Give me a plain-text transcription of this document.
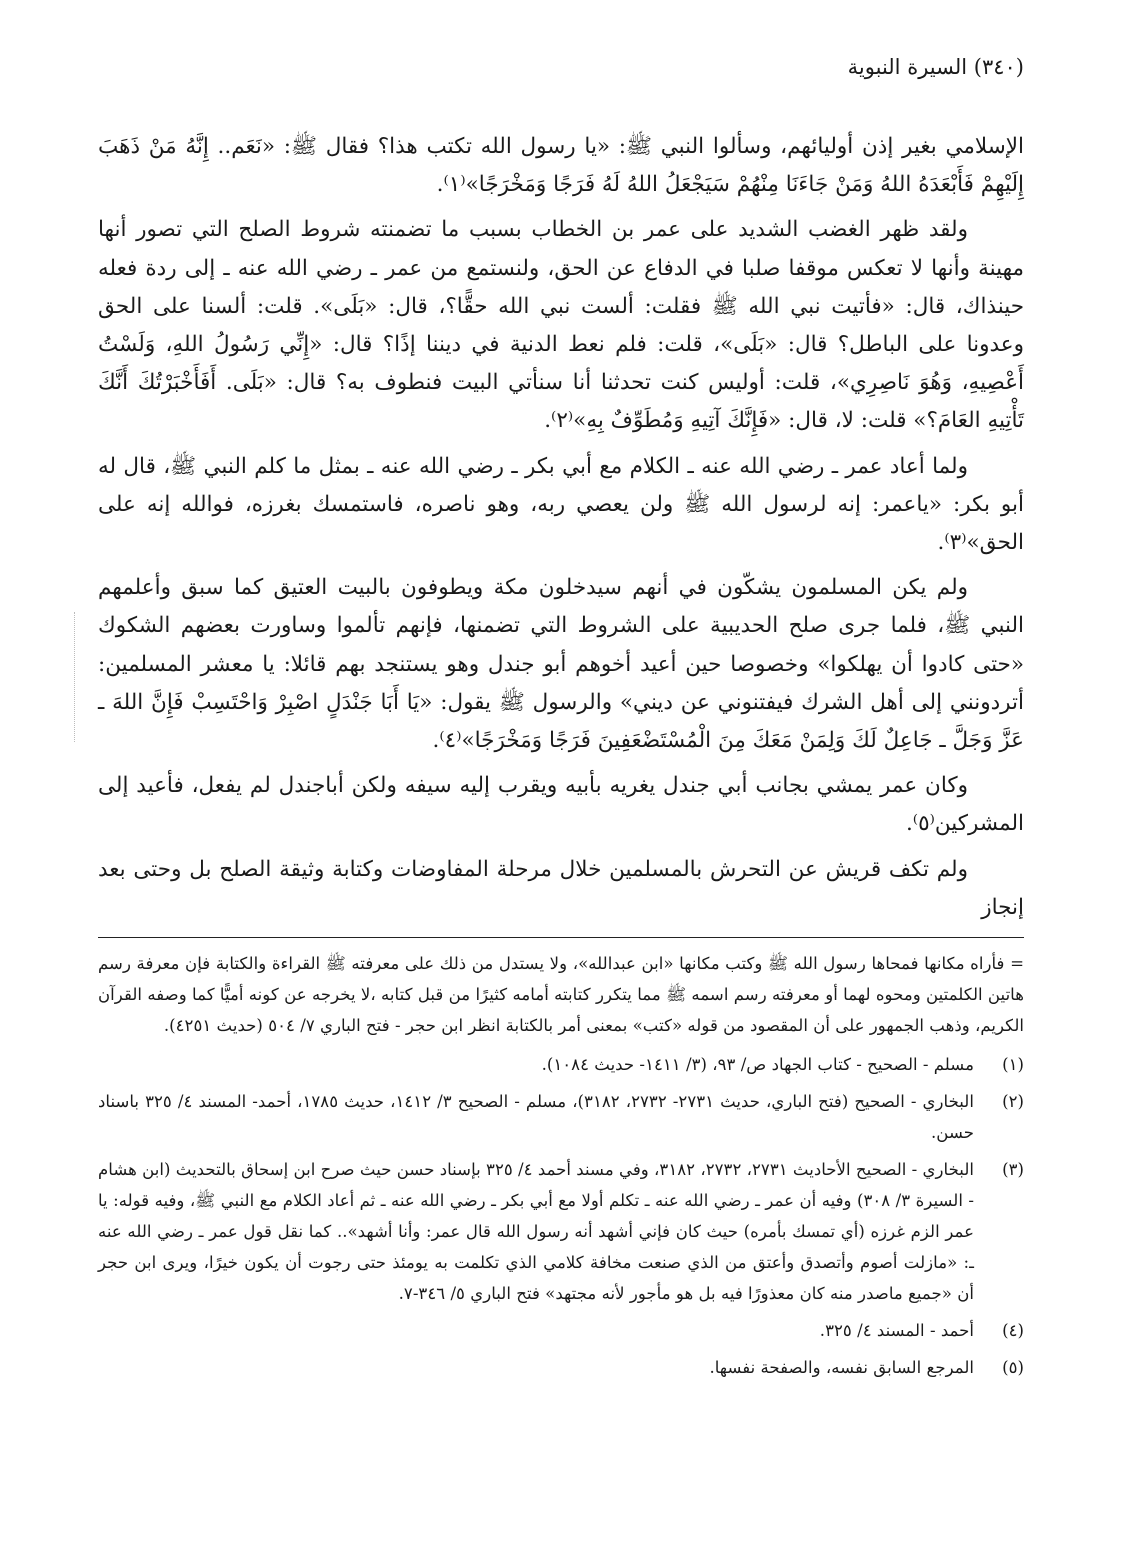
(٣٤٠) السيرة النبوية

الإسلامي بغير إذن أوليائهم، وسألوا النبي ﷺ: «يا رسول الله تكتب هذا؟ فقال ﷺ: «نَعَم.. إِنَّهُ مَنْ ذَهَبَ إِلَيْهِمْ فَأَبْعَدَهُ اللهُ وَمَنْ جَاءَنَا مِنْهُمْ سَيَجْعَلُ اللهُ لَهُ فَرَجًا وَمَخْرَجًا»⁽١⁾.

ولقد ظهر الغضب الشديد على عمر بن الخطاب بسبب ما تضمنته شروط الصلح التي تصور أنها مهينة وأنها لا تعكس موقفا صلبا في الدفاع عن الحق، ولنستمع من عمر ـ رضي الله عنه ـ إلى ردة فعله حينذاك، قال: «فأتيت نبي الله ﷺ فقلت: ألست نبي الله حقًّا؟، قال: «بَلَى». قلت: ألسنا على الحق وعدونا على الباطل؟ قال: «بَلَى»، قلت: فلم نعط الدنية في ديننا إذًا؟ قال: «إِنِّي رَسُولُ اللهِ، وَلَسْتُ أَعْصِيهِ، وَهُوَ نَاصِرِي»، قلت: أوليس كنت تحدثنا أنا سنأتي البيت فنطوف به؟ قال: «بَلَى. أَفَأَخْبَرْتُكَ أَنَّكَ تَأْتِيهِ العَامَ؟» قلت: لا، قال: «فَإِنَّكَ آتِيهِ وَمُطَوِّفٌ بِهِ»⁽٢⁾.

ولما أعاد عمر ـ رضي الله عنه ـ الكلام مع أبي بكر ـ رضي الله عنه ـ بمثل ما كلم النبي ﷺ، قال له أبو بكر: «ياعمر: إنه لرسول الله ﷺ ولن يعصي ربه، وهو ناصره، فاستمسك بغرزه، فوالله إنه على الحق»⁽٣⁾.

ولم يكن المسلمون يشكّون في أنهم سيدخلون مكة ويطوفون بالبيت العتيق كما سبق وأعلمهم النبي ﷺ، فلما جرى صلح الحديبية على الشروط التي تضمنها، فإنهم تألموا وساورت بعضهم الشكوك «حتى كادوا أن يهلكوا» وخصوصا حين أعيد أخوهم أبو جندل وهو يستنجد بهم قائلا: يا معشر المسلمين: أتردونني إلى أهل الشرك فيفتنوني عن ديني» والرسول ﷺ يقول: «يَا أَبَا جَنْدَلٍ اصْبِرْ وَاحْتَسِبْ فَإِنَّ اللهَ ـ عَزَّ وَجَلَّ ـ جَاعِلٌ لَكَ وَلِمَنْ مَعَكَ مِنَ الْمُسْتَضْعَفِينَ فَرَجًا وَمَخْرَجًا»⁽٤⁾.

وكان عمر يمشي بجانب أبي جندل يغريه بأبيه ويقرب إليه سيفه ولكن أباجندل لم يفعل، فأعيد إلى المشركين⁽٥⁾.

ولم تكف قريش عن التحرش بالمسلمين خلال مرحلة المفاوضات وكتابة وثيقة الصلح بل وحتى بعد إنجاز

= فأراه مكانها فمحاها رسول الله ﷺ وكتب مكانها «ابن عبدالله»، ولا يستدل من ذلك على معرفته ﷺ القراءة والكتابة فإن معرفة رسم هاتين الكلمتين ومحوه لهما أو معرفته رسم اسمه ﷺ مما يتكرر كتابته أمامه كثيرًا من قبل كتابه ،لا يخرجه عن كونه أميًّا كما وصفه القرآن الكريم، وذهب الجمهور على أن المقصود من قوله «كتب» بمعنى أمر بالكتابة انظر ابن حجر - فتح الباري ٧/ ٥٠٤ (حديث ٤٢٥١).

(١)
مسلم - الصحيح - كتاب الجهاد ص/ ٩٣، (٣/ ١٤١١- حديث ١٠٨٤).
(٢)
البخاري - الصحيح (فتح الباري، حديث ٢٧٣١- ٢٧٣٢، ٣١٨٢)، مسلم - الصحيح ٣/ ١٤١٢، حديث ١٧٨٥، أحمد- المسند ٤/ ٣٢٥ باسناد حسن.
(٣)
البخاري - الصحيح الأحاديث ٢٧٣١، ٢٧٣٢، ٣١٨٢، وفي مسند أحمد ٤/ ٣٢٥ بإسناد حسن حيث صرح ابن إسحاق بالتحديث (ابن هشام - السيرة ٣/ ٣٠٨) وفيه أن عمر ـ رضي الله عنه ـ تكلم أولا مع أبي بكر ـ رضي الله عنه ـ ثم أعاد الكلام مع النبي ﷺ، وفيه قوله: يا عمر الزم غرزه (أي تمسك بأمره) حيث كان فإني أشهد أنه رسول الله قال عمر: وأنا أشهد».. كما نقل قول عمر ـ رضي الله عنه ـ: «مازلت أصوم وأتصدق وأعتق من الذي صنعت مخافة كلامي الذي تكلمت به يومئذ حتى رجوت أن يكون خيرًا، ويرى ابن حجر أن «جميع ماصدر منه كان معذورًا فيه بل هو مأجور لأنه مجتهد» فتح الباري ٥/ ٣٤٦-٧.
(٤)
أحمد - المسند ٤/ ٣٢٥.
(٥)
المرجع السابق نفسه، والصفحة نفسها.
